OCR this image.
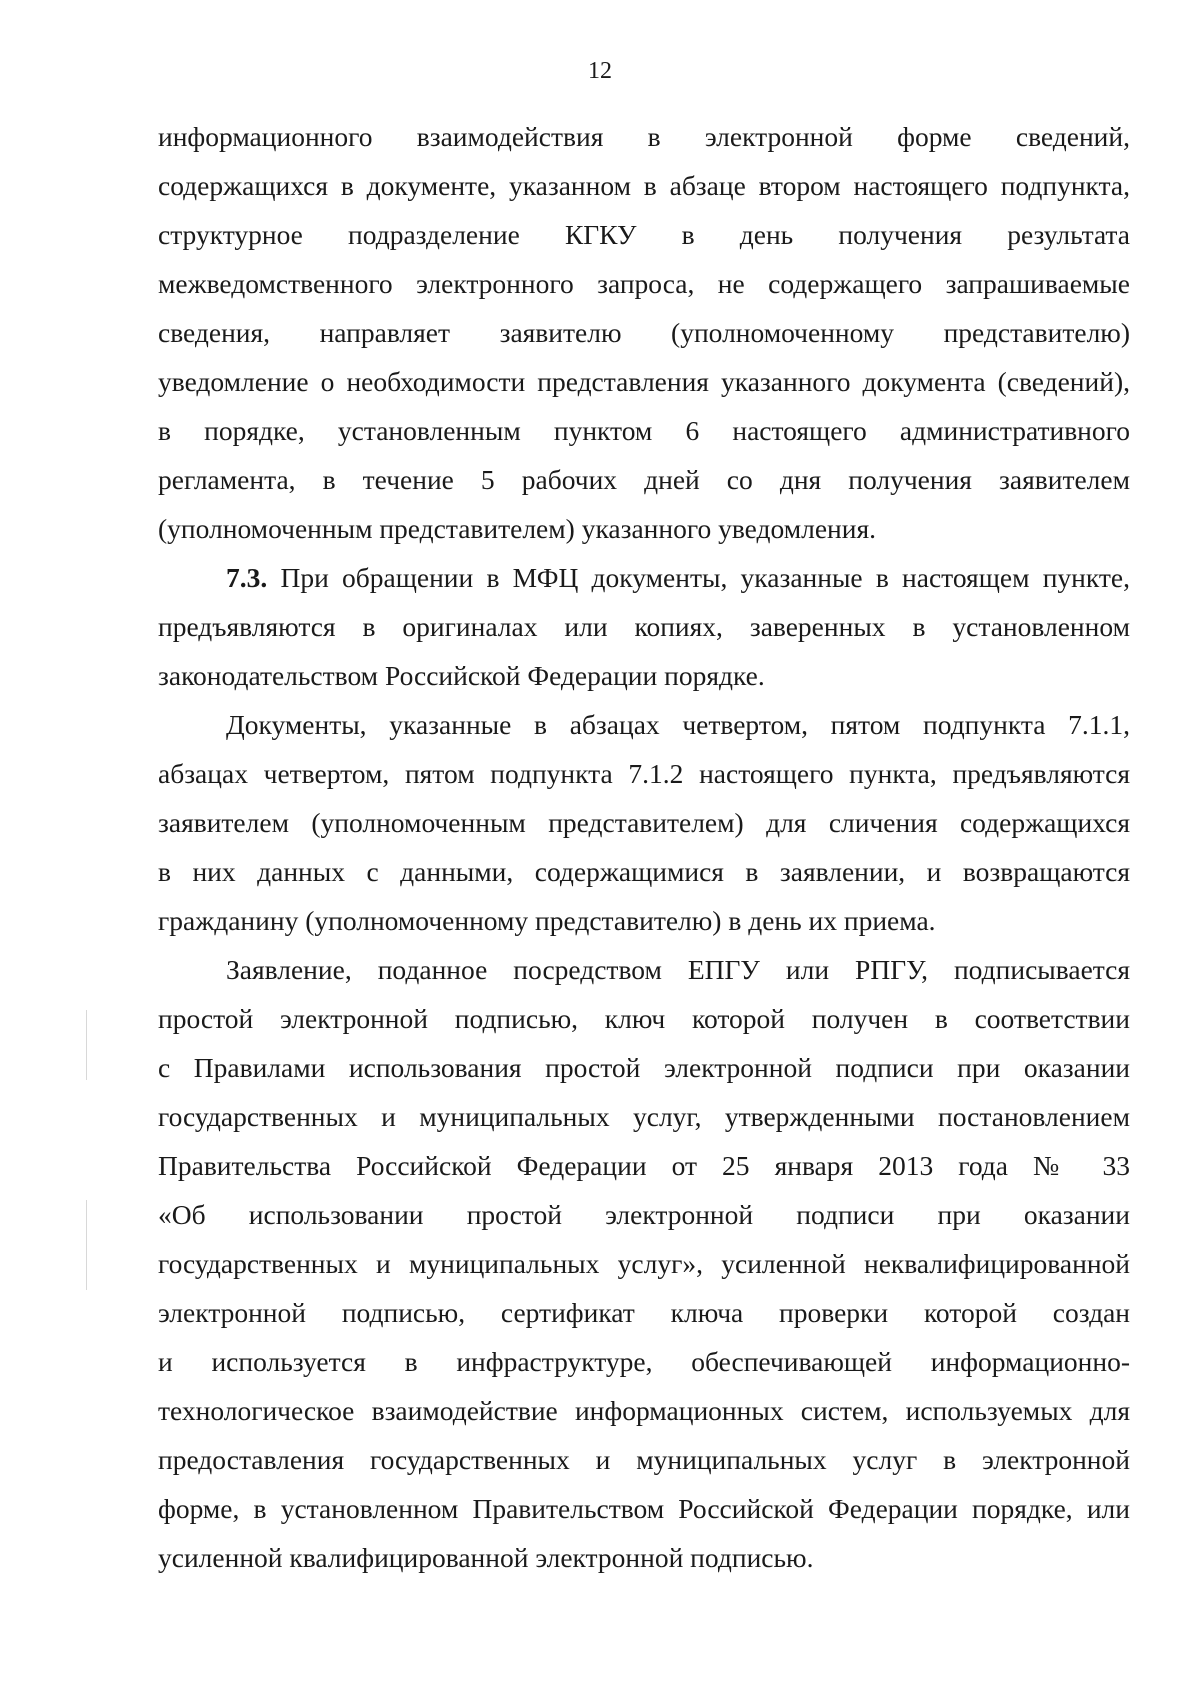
12
информационного взаимодействия в электронной форме сведений,
содержащихся в документе, указанном в абзаце втором настоящего подпункта,
структурное подразделение КГКУ в день получения результата
межведомственного электронного запроса, не содержащего запрашиваемые
сведения, направляет заявителю (уполномоченному представителю)
уведомление о необходимости представления указанного документа (сведений),
в порядке, установленным пунктом 6 настоящего административного
регламента, в течение 5 рабочих дней со дня получения заявителем
(уполномоченным представителем) указанного уведомления.
7.3. При обращении в МФЦ документы, указанные в настоящем пункте,
предъявляются в оригиналах или копиях, заверенных в установленном
законодательством Российской Федерации порядке.
Документы, указанные в абзацах четвертом, пятом подпункта 7.1.1,
абзацах четвертом, пятом подпункта 7.1.2 настоящего пункта, предъявляются
заявителем (уполномоченным представителем) для сличения содержащихся
в них данных с данными, содержащимися в заявлении, и возвращаются
гражданину (уполномоченному представителю) в день их приема.
Заявление, поданное посредством ЕПГУ или РПГУ, подписывается
простой электронной подписью, ключ которой получен в соответствии
с Правилами использования простой электронной подписи при оказании
государственных и муниципальных услуг, утвержденными постановлением
Правительства Российской Федерации от 25 января 2013 года № 33
«Об использовании простой электронной подписи при оказании
государственных и муниципальных услуг», усиленной неквалифицированной
электронной подписью, сертификат ключа проверки которой создан
и используется в инфраструктуре, обеспечивающей информационно-
технологическое взаимодействие информационных систем, используемых для
предоставления государственных и муниципальных услуг в электронной
форме, в установленном Правительством Российской Федерации порядке, или
усиленной квалифицированной электронной подписью.
